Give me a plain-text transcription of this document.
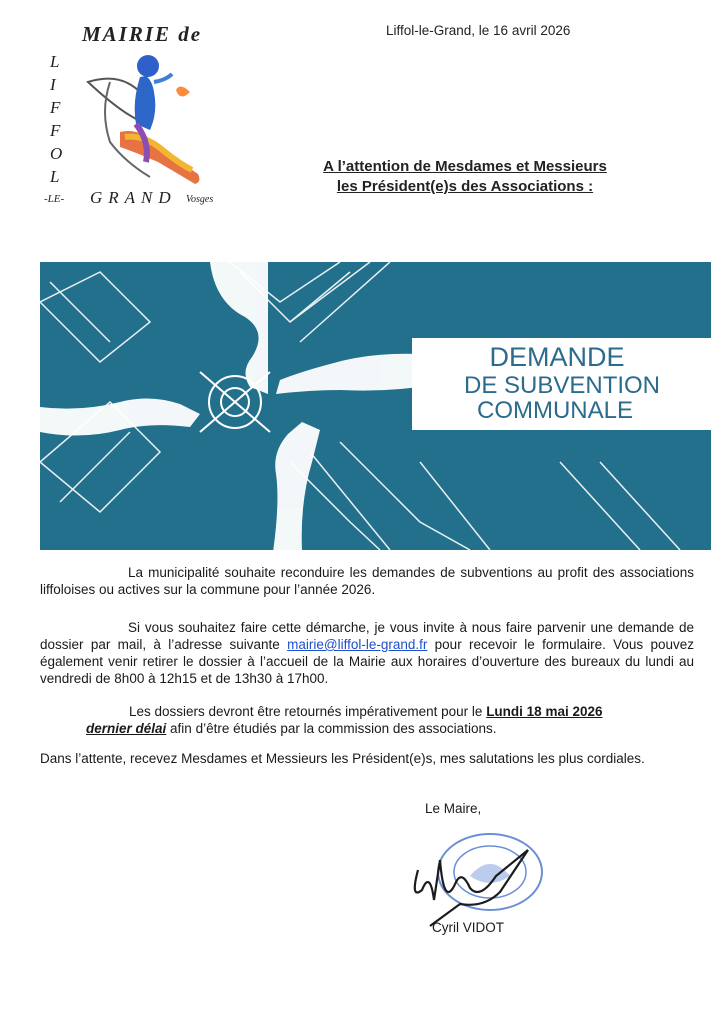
MAIRIE de
L
I
F
F
O
L
-LE- GRAND Vosges
Liffol-le-Grand, le 16 avril 2026
A l’attention de Mesdames et Messieurs
les Président(e)s des Associations :
DEMANDE
DE SUBVENTION
COMMUNALE
La municipalité souhaite reconduire les demandes de subventions au profit des associations liffoloises ou actives sur la commune pour l’année 2026.
Si vous souhaitez faire cette démarche, je vous invite à nous faire parvenir une demande de dossier par mail, à l’adresse suivante mairie@liffol-le-grand.fr pour recevoir le formulaire. Vous pouvez également venir retirer le dossier à l’accueil de la Mairie aux horaires d’ouverture des bureaux du lundi au vendredi de 8h00 à 12h15 et de 13h30 à 17h00.
Les dossiers devront être retournés impérativement pour le Lundi 18 mai 2026
dernier délai afin d’être étudiés par la commission des associations.
Dans l’attente, recevez Mesdames et Messieurs les Président(e)s, mes salutations les plus cordiales.
Le Maire,
Cyril VIDOT
